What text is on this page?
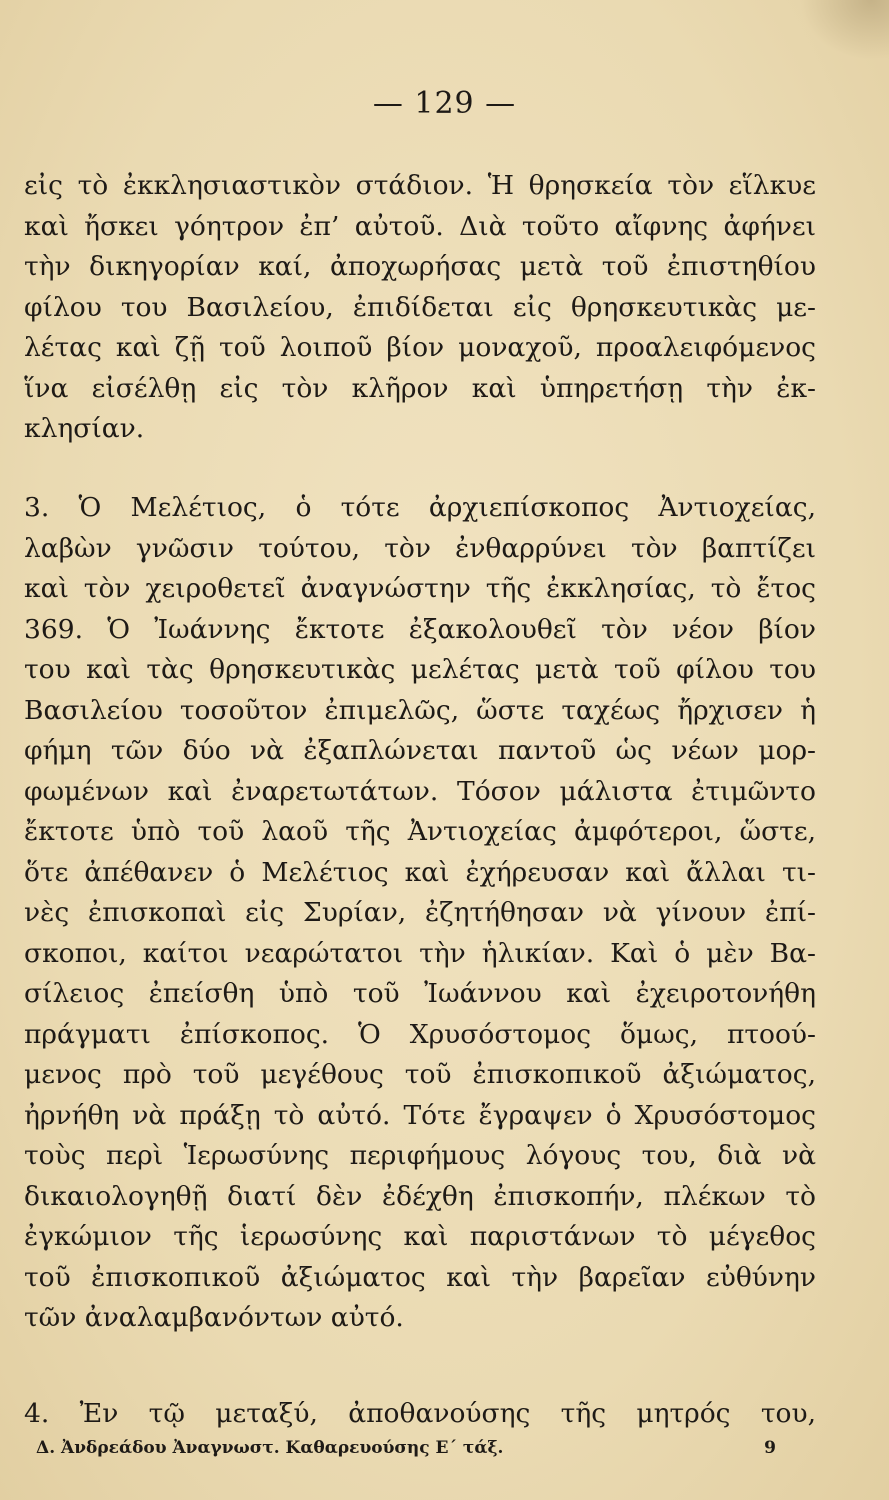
— 129 —
εἰς τὸ ἐκκλησιαστικὸν στάδιον. Ἡ θρησκεία τὸν εἵλκυε
καὶ ἤσκει γόητρον ἐπ’ αὐτοῦ. Διὰ τοῦτο αἴφνης ἀφήνει
τὴν δικηγορίαν καί, ἀποχωρήσας μετὰ τοῦ ἐπιστηθίου
φίλου του Βασιλείου, ἐπιδίδεται εἰς θρησκευτικὰς με-
λέτας καὶ ζῇ τοῦ λοιποῦ βίον μοναχοῦ, προαλειφόμενος
ἵνα εἰσέλθῃ εἰς τὸν κλῆρον καὶ ὑπηρετήσῃ τὴν ἐκ-
κλησίαν.
3. Ὁ Μελέτιος, ὁ τότε ἀρχιεπίσκοπος Ἀντιοχείας,
λαβὼν γνῶσιν τούτου, τὸν ἐνθαρρύνει τὸν βαπτίζει
καὶ τὸν χειροθετεῖ ἀναγνώστην τῆς ἐκκλησίας, τὸ ἔτος
369. Ὁ Ἰωάννης ἔκτοτε ἐξακολουθεῖ τὸν νέον βίον
του καὶ τὰς θρησκευτικὰς μελέτας μετὰ τοῦ φίλου του
Βασιλείου τοσοῦτον ἐπιμελῶς, ὥστε ταχέως ἤρχισεν ἡ
φήμη τῶν δύο νὰ ἐξαπλώνεται παντοῦ ὡς νέων μορ-
φωμένων καὶ ἐναρετωτάτων. Τόσον μάλιστα ἐτιμῶντο
ἔκτοτε ὑπὸ τοῦ λαοῦ τῆς Ἀντιοχείας ἀμφότεροι, ὥστε,
ὅτε ἀπέθανεν ὁ Μελέτιος καὶ ἐχήρευσαν καὶ ἄλλαι τι-
νὲς ἐπισκοπαὶ εἰς Συρίαν, ἐζητήθησαν νὰ γίνουν ἐπί-
σκοποι, καίτοι νεαρώτατοι τὴν ἡλικίαν. Καὶ ὁ μὲν Βα-
σίλειος ἐπείσθη ὑπὸ τοῦ Ἰωάννου καὶ ἐχειροτονήθη
πράγματι ἐπίσκοπος. Ὁ Χρυσόστομος ὅμως, πτοού-
μενος πρὸ τοῦ μεγέθους τοῦ ἐπισκοπικοῦ ἀξιώματος,
ἠρνήθη νὰ πράξῃ τὸ αὐτό. Τότε ἔγραψεν ὁ Χρυσόστομος
τοὺς περὶ Ἱερωσύνης περιφήμους λόγους του, διὰ νὰ
δικαιολογηθῇ διατί δὲν ἐδέχθη ἐπισκοπήν, πλέκων τὸ
ἐγκώμιον τῆς ἱερωσύνης καὶ παριστάνων τὸ μέγεθος
τοῦ ἐπισκοπικοῦ ἀξιώματος καὶ τὴν βαρεῖαν εὐθύνην
τῶν ἀναλαμβανόντων αὐτό.
4. Ἐν τῷ μεταξύ, ἀποθανούσης τῆς μητρός του,
Δ. Ἀνδρεάδου Ἀναγνωστ. Καθαρευούσης Ε΄ τάξ.	9
